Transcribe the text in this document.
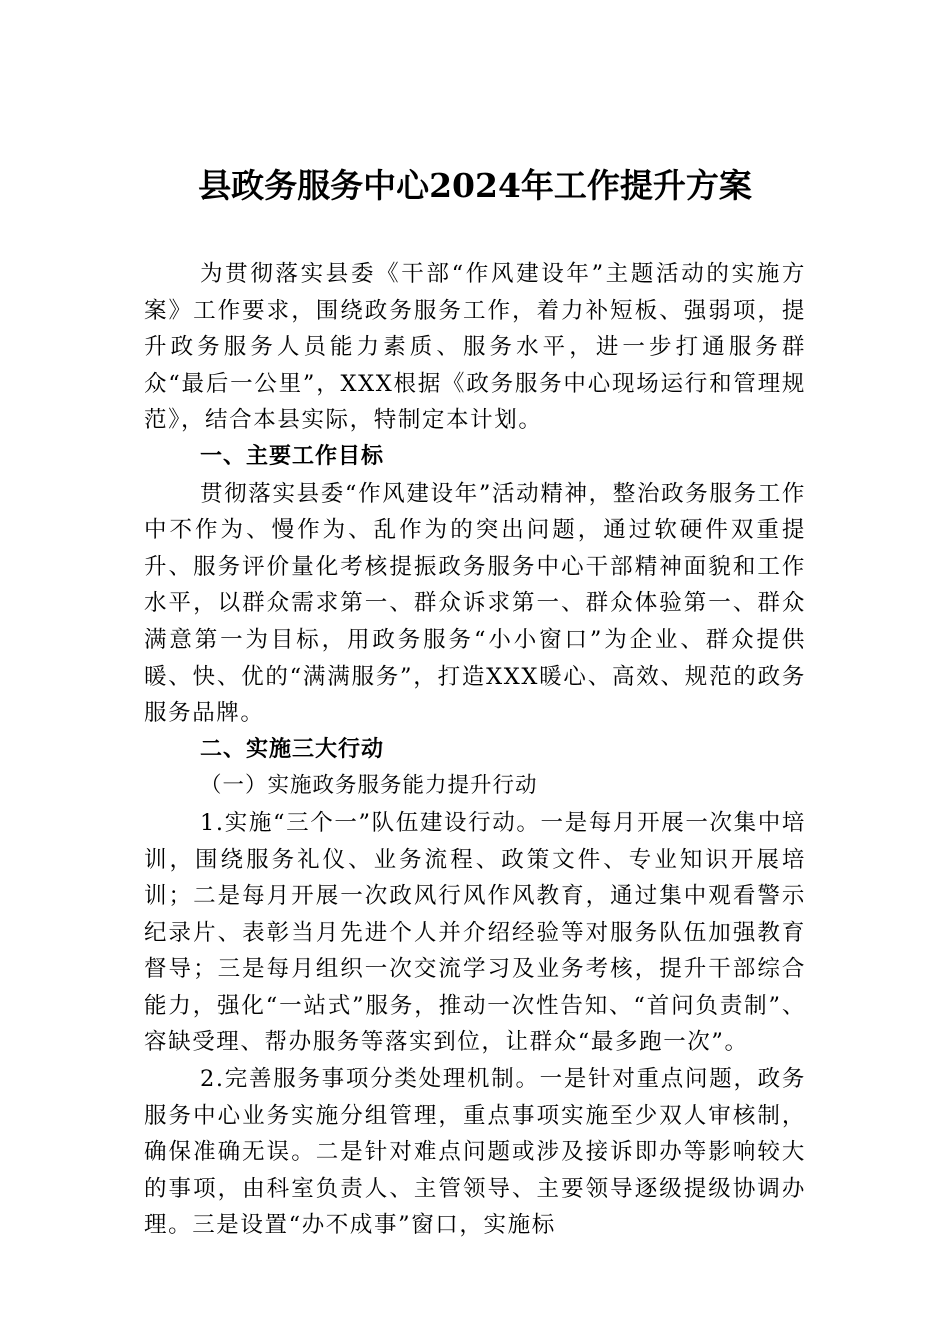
县政务服务中心2024年工作提升方案

为贯彻落实县委《干部“作风建设年”主题活动的实施方案》工作要求，围绕政务服务工作，着力补短板、强弱项，提升政务服务人员能力素质、服务水平，进一步打通服务群众“最后一公里”，XXX根据《政务服务中心现场运行和管理规范》，结合本县实际，特制定本计划。

一、主要工作目标

贯彻落实县委“作风建设年”活动精神，整治政务服务工作中不作为、慢作为、乱作为的突出问题，通过软硬件双重提升、服务评价量化考核提振政务服务中心干部精神面貌和工作水平，以群众需求第一、群众诉求第一、群众体验第一、群众满意第一为目标，用政务服务“小小窗口”为企业、群众提供暖、快、优的“满满服务”，打造XXX暖心、高效、规范的政务服务品牌。

二、实施三大行动

（一）实施政务服务能力提升行动

1.实施“三个一”队伍建设行动。一是每月开展一次集中培训，围绕服务礼仪、业务流程、政策文件、专业知识开展培训；二是每月开展一次政风行风作风教育，通过集中观看警示纪录片、表彰当月先进个人并介绍经验等对服务队伍加强教育督导；三是每月组织一次交流学习及业务考核，提升干部综合能力，强化“一站式”服务，推动一次性告知、“首问负责制”、容缺受理、帮办服务等落实到位，让群众“最多跑一次”。

2.完善服务事项分类处理机制。一是针对重点问题，政务服务中心业务实施分组管理，重点事项实施至少双人审核制，确保准确无误。二是针对难点问题或涉及接诉即办等影响较大的事项，由科室负责人、主管领导、主要领导逐级提级协调办理。三是设置“办不成事”窗口，实施标
